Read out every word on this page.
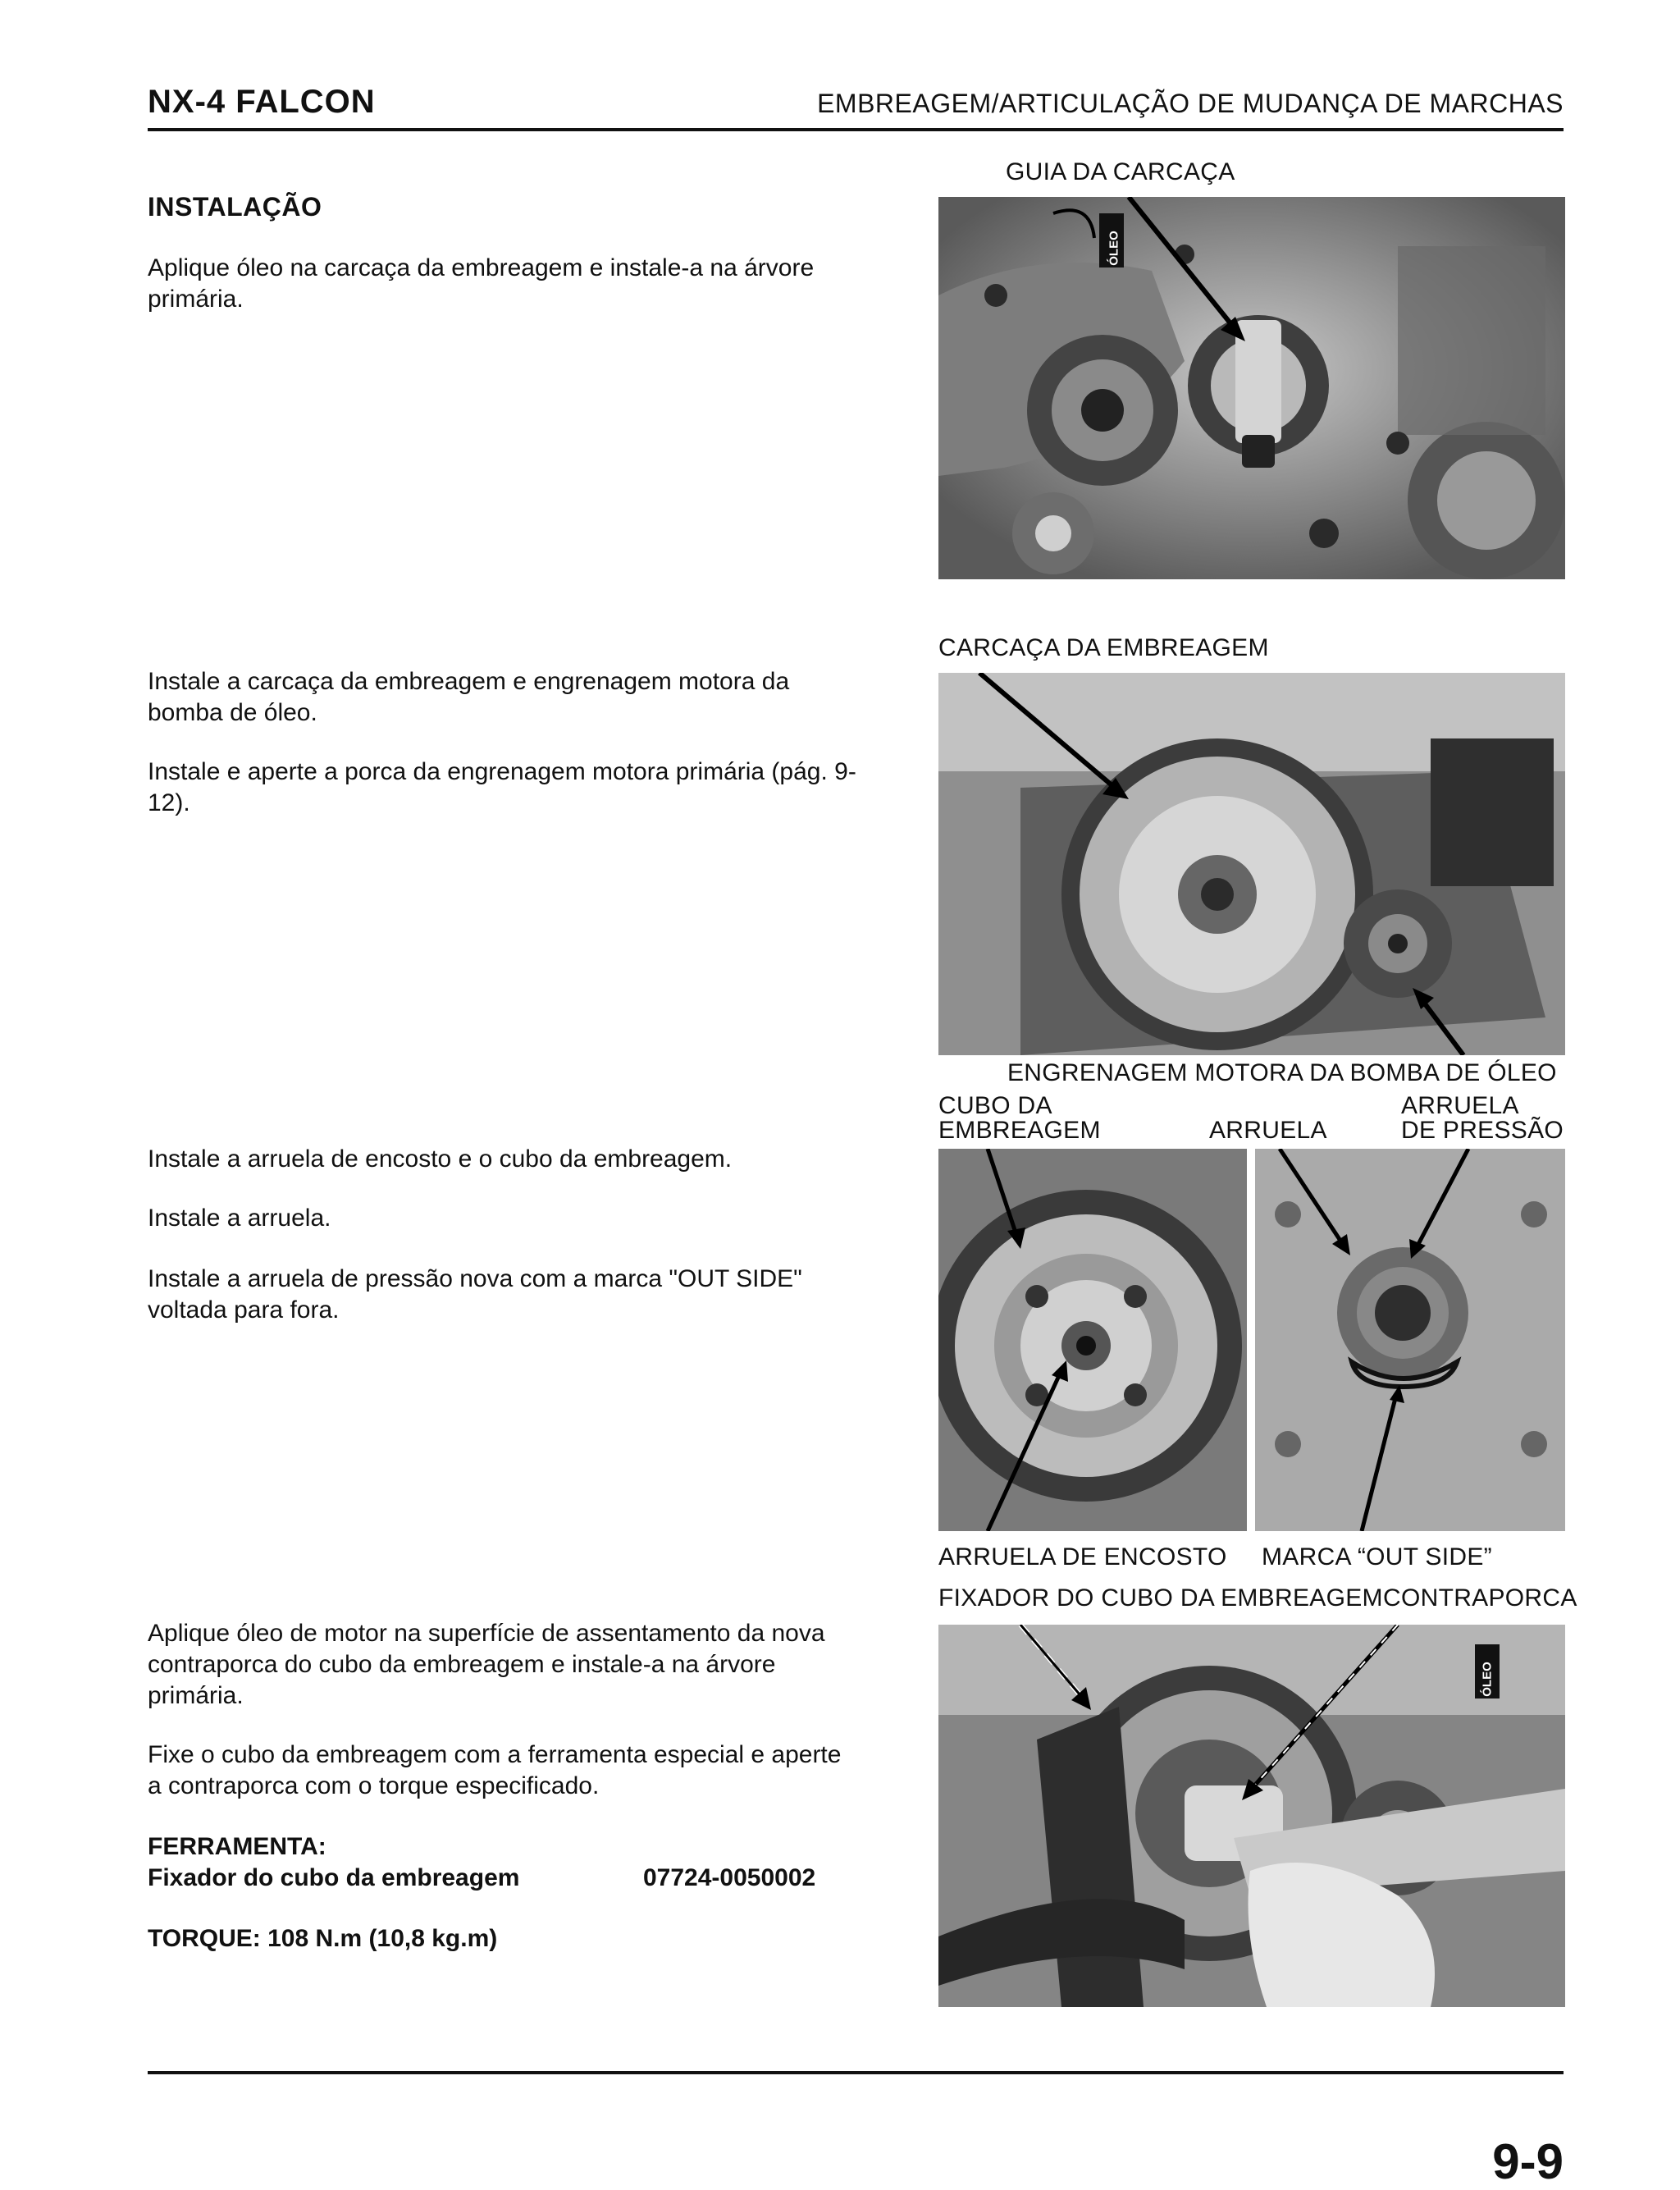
NX-4 FALCON	EMBREAGEM/ARTICULAÇÃO DE MUDANÇA DE MARCHAS
INSTALAÇÃO
Aplique óleo na carcaça da embreagem e instale-a na árvore primária.
Instale a carcaça da embreagem e engrenagem motora da bomba de óleo.
Instale e aperte a porca da engrenagem motora primária (pág. 9-12).
Instale a arruela de encosto e o cubo da embreagem.
Instale a arruela.
Instale a arruela de pressão nova com a marca "OUT SIDE" voltada para fora.
Aplique óleo de motor na superfície de assentamento da nova contraporca do cubo da embreagem e instale-a na árvore primária.
Fixe o cubo da embreagem com a ferramenta especial e aperte a contraporca com o torque especificado.
FERRAMENTA:
Fixador do cubo da embreagem	07724-0050002
TORQUE: 108 N.m (10,8 kg.m)
GUIA DA CARCAÇA
ÓLEO
CARCAÇA DA EMBREAGEM
ENGRENAGEM MOTORA DA BOMBA DE ÓLEO
CUBO DA
EMBREAGEM	ARRUELA
ARRUELA
DE PRESSÃO
ARRUELA DE ENCOSTO MARCA “OUT SIDE”
FIXADOR DO CUBO DA EMBREAGEM CONTRAPORCA
ÓLEO
9-9
